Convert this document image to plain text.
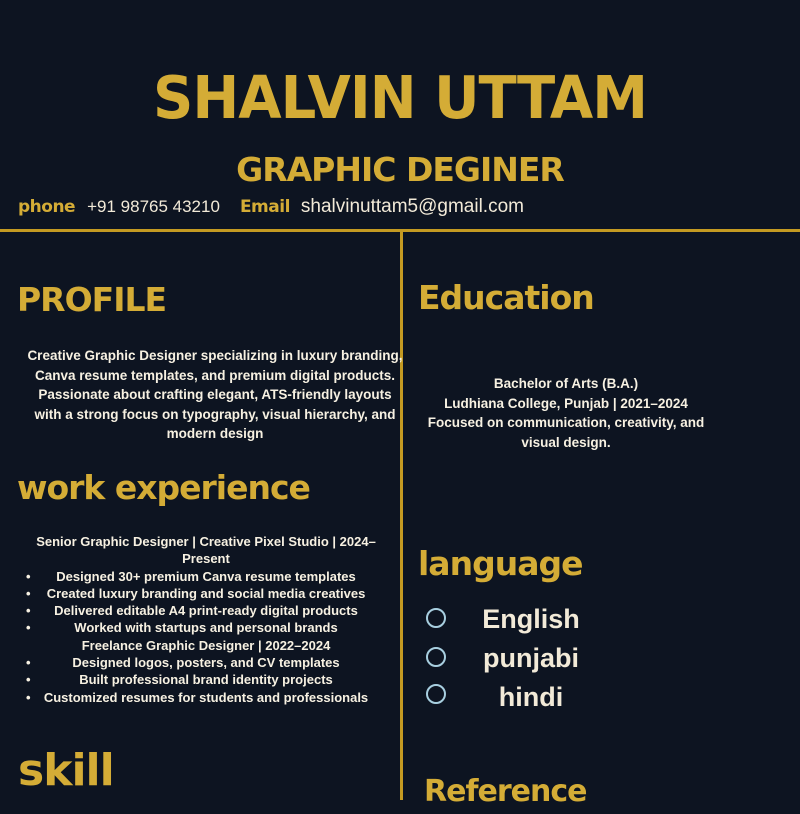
SHALVIN UTTAM
GRAPHIC DEGINER
phone +91 98765 43210 Email shalvinuttam5@gmail.com
PROFILE
Creative Graphic Designer specializing in luxury branding,
Canva resume templates, and premium digital products.
Passionate about crafting elegant, ATS-friendly layouts
with a strong focus on typography, visual hierarchy, and
modern design
work experience
Senior Graphic Designer | Creative Pixel Studio | 2024–
Present
• Designed 30+ premium Canva resume templates
• Created luxury branding and social media creatives
• Delivered editable A4 print-ready digital products
• Worked with startups and personal brands
Freelance Graphic Designer | 2022–2024
• Designed logos, posters, and CV templates
• Built professional brand identity projects
• Customized resumes for students and professionals
skill
Education
Bachelor of Arts (B.A.)
Ludhiana College, Punjab | 2021–2024
Focused on communication, creativity, and
visual design.
language
English
punjabi
hindi
Reference
